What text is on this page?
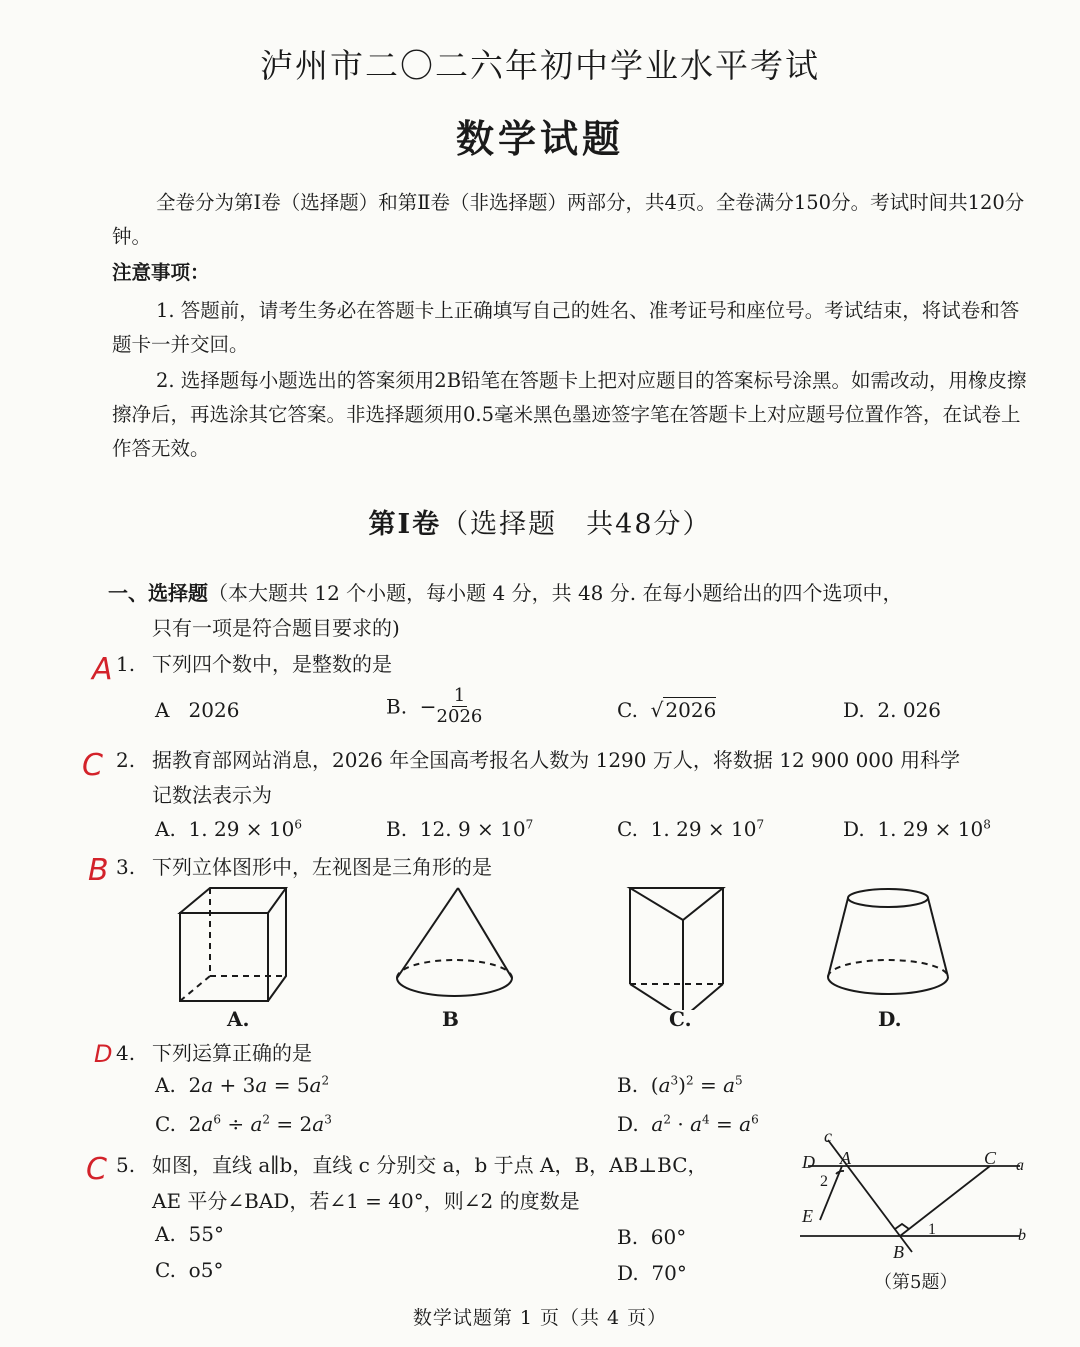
泸州市二〇二六年初中学业水平考试
数学试题
全卷分为第Ⅰ卷（选择题）和第Ⅱ卷（非选择题）两部分，共4页。全卷满分150分。考试时间共120分钟。
注意事项：
1. 答题前，请考生务必在答题卡上正确填写自己的姓名、准考证号和座位号。考试结束，将试卷和答题卡一并交回。
2. 选择题每小题选出的答案须用2B铅笔在答题卡上把对应题目的答案标号涂黑。如需改动，用橡皮擦擦净后，再选涂其它答案。非选择题须用0.5毫米黑色墨迹签字笔在答题卡上对应题号位置作答，在试卷上作答无效。
第Ⅰ卷（选择题　共48分）
一、选择题（本大题共 12 个小题，每小题 4 分，共 48 分. 在每小题给出的四个选项中，
只有一项是符合题目要求的)
A 1. 下列四个数中，是整数的是
A 2026	B. − $\frac{1}{2026}$	C. √ 2026	D. 2. 026
C 2. 据教育部网站消息，2026 年全国高考报名人数为 1290 万人，将数据 12 900 000 用科学
记数法表示为
A. 1. $29 \times 10^6$	B. 12. $9 \times 10^7$	C. 1. $29 \times 10^7$	D. 1. $29 \times 10^8$
B 3. 下列立体图形中，左视图是三角形的是
A.	B	C.	D.
D 4. 下列运算正确的是
A. $2a + 3a = 5a^2$	B. $(a^3)^2 = a^5$
C. $2a^6 \div a^2 = 2a^3$	D. $a^2 \cdot a^4 = a^6$
C 5. 如图，直线 a∥b，直线 c 分别交 a，b 于点 A，B，AB⊥BC，
AE 平分∠BAD，若∠1 = 40°，则∠2 的度数是
A. 55°	B. 60°
C. ο5°	D. 70°
c
D A	C a
2
E
1
B
b
（第5题）
数学试题第 1 页（共 4 页）
